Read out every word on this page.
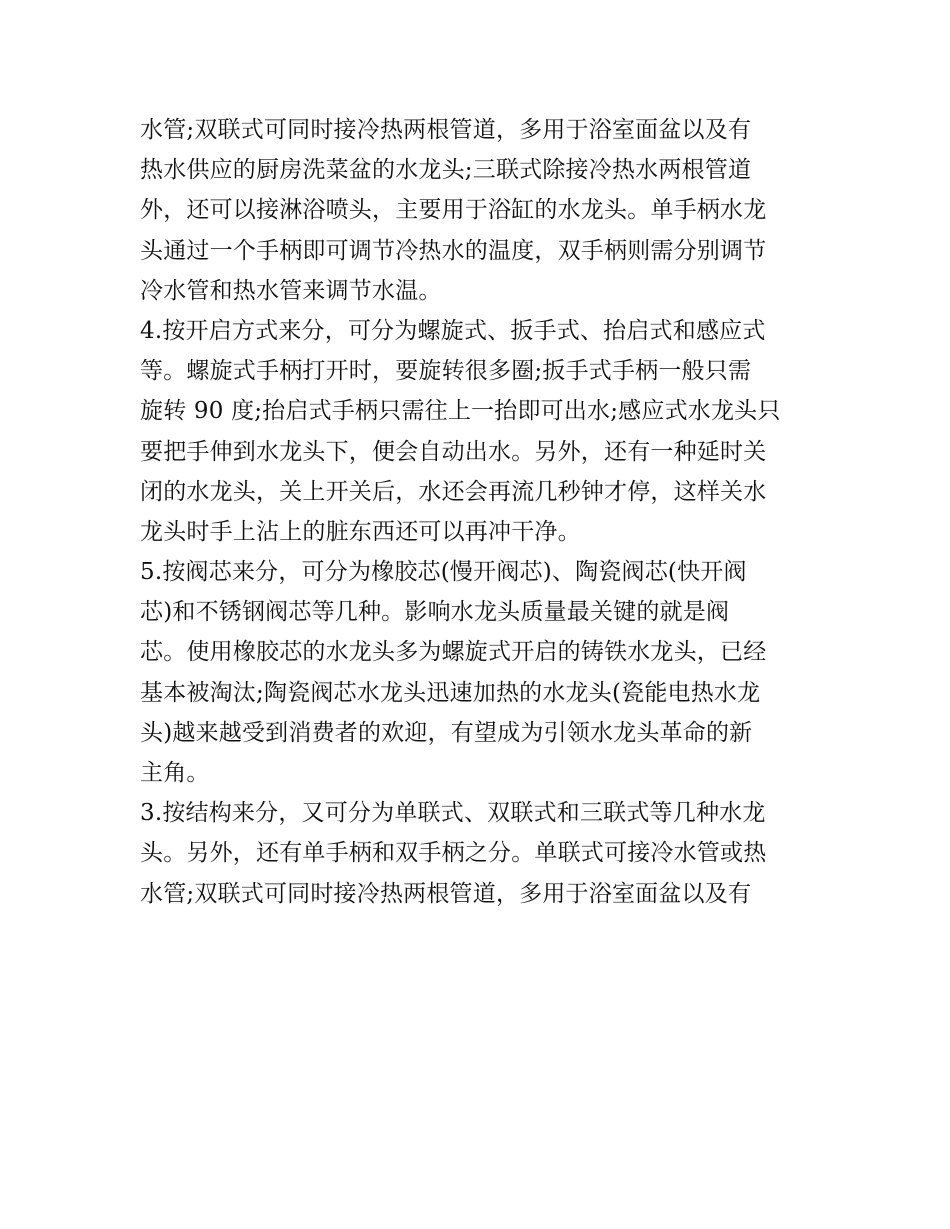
水管;双联式可同时接冷热两根管道，多用于浴室面盆以及有
热水供应的厨房洗菜盆的水龙头;三联式除接冷热水两根管道
外，还可以接淋浴喷头，主要用于浴缸的水龙头。单手柄水龙
头通过一个手柄即可调节冷热水的温度，双手柄则需分别调节
冷水管和热水管来调节水温。
4.按开启方式来分，可分为螺旋式、扳手式、抬启式和感应式
等。螺旋式手柄打开时，要旋转很多圈;扳手式手柄一般只需
旋转 90 度;抬启式手柄只需往上一抬即可出水;感应式水龙头只
要把手伸到水龙头下，便会自动出水。另外，还有一种延时关
闭的水龙头，关上开关后，水还会再流几秒钟才停，这样关水
龙头时手上沾上的脏东西还可以再冲干净。
5.按阀芯来分，可分为橡胶芯(慢开阀芯)、陶瓷阀芯(快开阀
芯)和不锈钢阀芯等几种。影响水龙头质量最关键的就是阀
芯。使用橡胶芯的水龙头多为螺旋式开启的铸铁水龙头，已经
基本被淘汰;陶瓷阀芯水龙头迅速加热的水龙头(瓷能电热水龙
头)越来越受到消费者的欢迎，有望成为引领水龙头革命的新
主角。
3.按结构来分，又可分为单联式、双联式和三联式等几种水龙
头。另外，还有单手柄和双手柄之分。单联式可接冷水管或热
水管;双联式可同时接冷热两根管道，多用于浴室面盆以及有
